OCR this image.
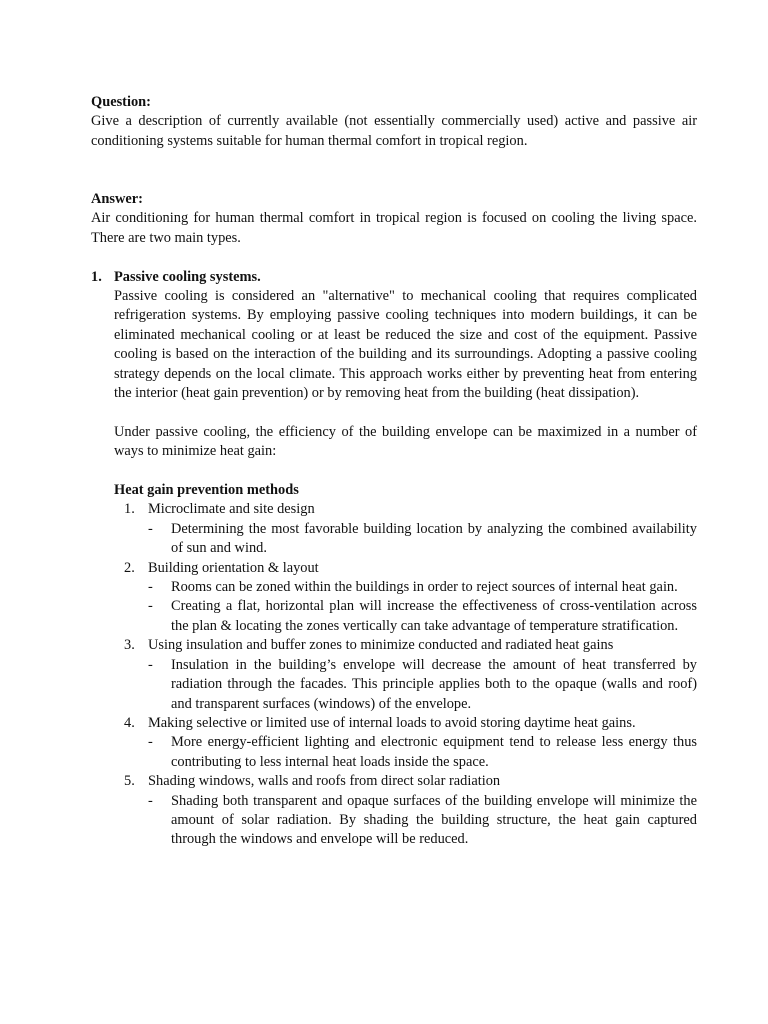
Question:

Give a description of currently available (not essentially commercially used) active and passive air conditioning systems suitable for human thermal comfort in tropical region.

Answer:

Air conditioning for human thermal comfort in tropical region is focused on cooling the living space. There are two main types.

1. Passive cooling systems.

Passive cooling is considered an "alternative" to mechanical cooling that requires complicated refrigeration systems. By employing passive cooling techniques into modern buildings, it can be eliminated mechanical cooling or at least be reduced the size and cost of the equipment. Passive cooling is based on the interaction of the building and its surroundings. Adopting a passive cooling strategy depends on the local climate. This approach works either by preventing heat from entering the interior (heat gain prevention) or by removing heat from the building (heat dissipation).

Under passive cooling, the efficiency of the building envelope can be maximized in a number of ways to minimize heat gain:

Heat gain prevention methods
1. Microclimate and site design
- Determining the most favorable building location by analyzing the combined availability of sun and wind.
2. Building orientation & layout
- Rooms can be zoned within the buildings in order to reject sources of internal heat gain.
- Creating a flat, horizontal plan will increase the effectiveness of cross-ventilation across the plan & locating the zones vertically can take advantage of temperature stratification.
3. Using insulation and buffer zones to minimize conducted and radiated heat gains
- Insulation in the building’s envelope will decrease the amount of heat transferred by radiation through the facades. This principle applies both to the opaque (walls and roof) and transparent surfaces (windows) of the envelope.
4. Making selective or limited use of internal loads to avoid storing daytime heat gains.
- More energy-efficient lighting and electronic equipment tend to release less energy thus contributing to less internal heat loads inside the space.
5. Shading windows, walls and roofs from direct solar radiation
- Shading both transparent and opaque surfaces of the building envelope will minimize the amount of solar radiation. By shading the building structure, the heat gain captured through the windows and envelope will be reduced.
